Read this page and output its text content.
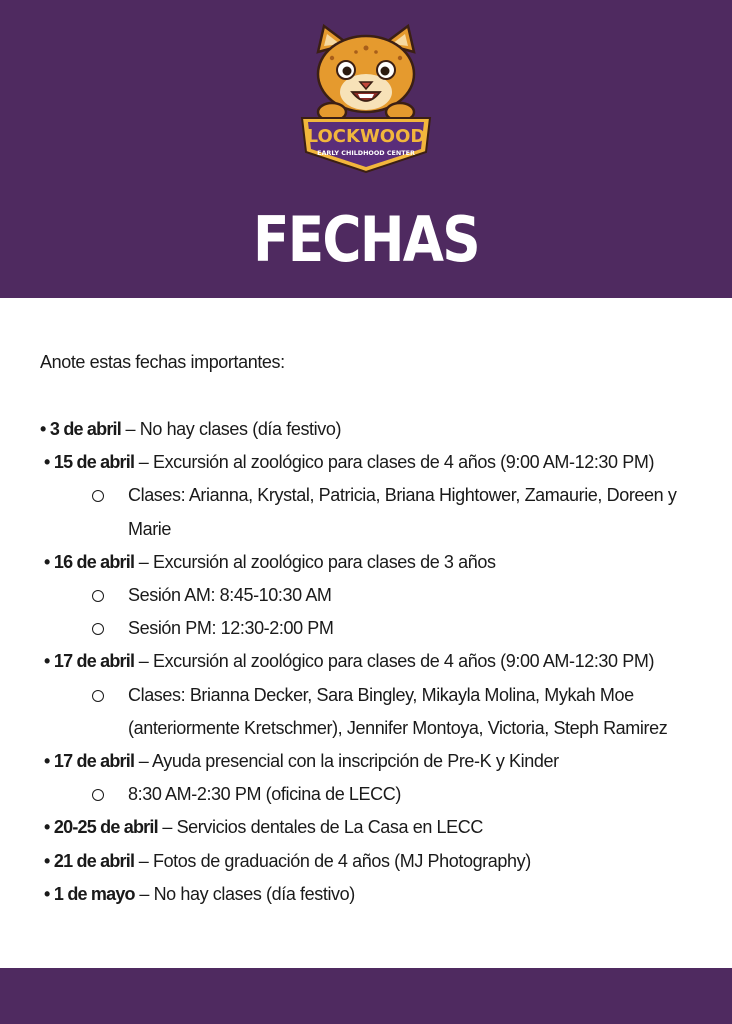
LOCKWOOD
EARLY CHILDHOOD CENTER
FECHAS IMPORTANTES
Anote estas fechas importantes:
• 3 de abril – No hay clases (día festivo)
• 15 de abril – Excursión al zoológico para clases de 4 años (9:00 AM-12:30 PM)
Clases: Arianna, Krystal, Patricia, Briana Hightower, Zamaurie, Doreen y Marie
• 16 de abril – Excursión al zoológico para clases de 3 años
Sesión AM: 8:45-10:30 AM
Sesión PM: 12:30-2:00 PM
• 17 de abril – Excursión al zoológico para clases de 4 años (9:00 AM-12:30 PM)
Clases: Brianna Decker, Sara Bingley, Mikayla Molina, Mykah Moe (anteriormente Kretschmer), Jennifer Montoya, Victoria, Steph Ramirez
• 17 de abril – Ayuda presencial con la inscripción de Pre-K y Kinder
8:30 AM-2:30 PM (oficina de LECC)
• 20-25 de abril – Servicios dentales de La Casa en LECC
• 21 de abril – Fotos de graduación de 4 años (MJ Photography)
• 1 de mayo – No hay clases (día festivo)
